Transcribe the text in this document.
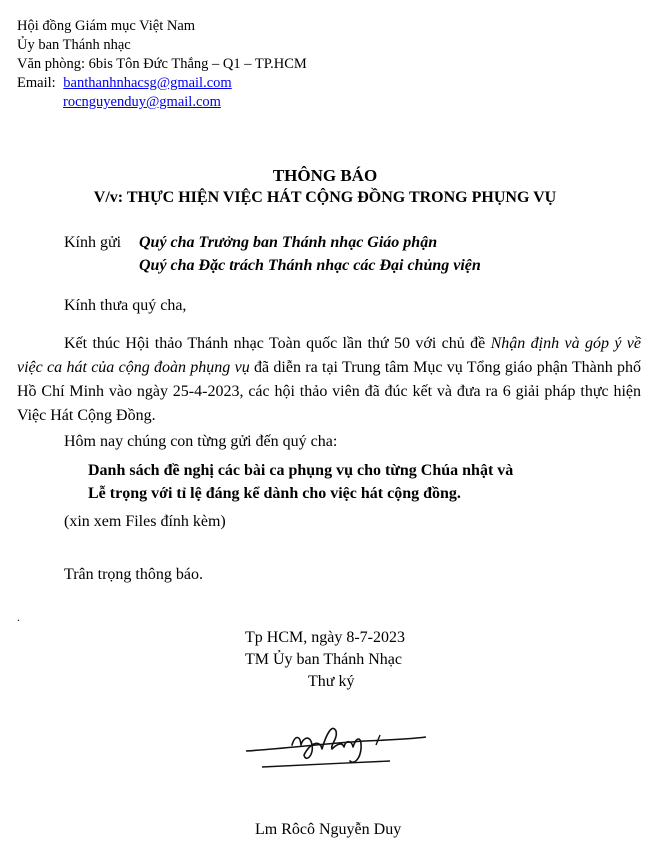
Hội đồng Giám mục Việt Nam
Ủy ban Thánh nhạc
Văn phòng: 6bis Tôn Đức Thắng – Q1 – TP.HCM
Email: banthanhnhacsg@gmail.com
rocnguyenduy@gmail.com
THÔNG BÁO
V/v: THỰC HIỆN VIỆC HÁT CỘNG ĐỒNG TRONG PHỤNG VỤ
Kính gửi Quý cha Trưởng ban Thánh nhạc Giáo phận
Quý cha Đặc trách Thánh nhạc các Đại chủng viện
Kính thưa quý cha,
Kết thúc Hội thảo Thánh nhạc Toàn quốc lần thứ 50 với chủ đề Nhận định và góp ý về việc ca hát của cộng đoàn phụng vụ đã diễn ra tại Trung tâm Mục vụ Tổng giáo phận Thành phố Hồ Chí Minh vào ngày 25-4-2023, các hội thảo viên đã đúc kết và đưa ra 6 giải pháp thực hiện Việc Hát Cộng Đồng.
Hôm nay chúng con từng gửi đến quý cha:
Danh sách đề nghị các bài ca phụng vụ cho từng Chúa nhật và
Lễ trọng với tỉ lệ đáng kể dành cho việc hát cộng đồng.
(xin xem Files đính kèm)
Trân trọng thông báo.
.
Tp HCM, ngày 8-7-2023
TM Ủy ban Thánh Nhạc
Thư ký
Lm Rôcô Nguyễn Duy
